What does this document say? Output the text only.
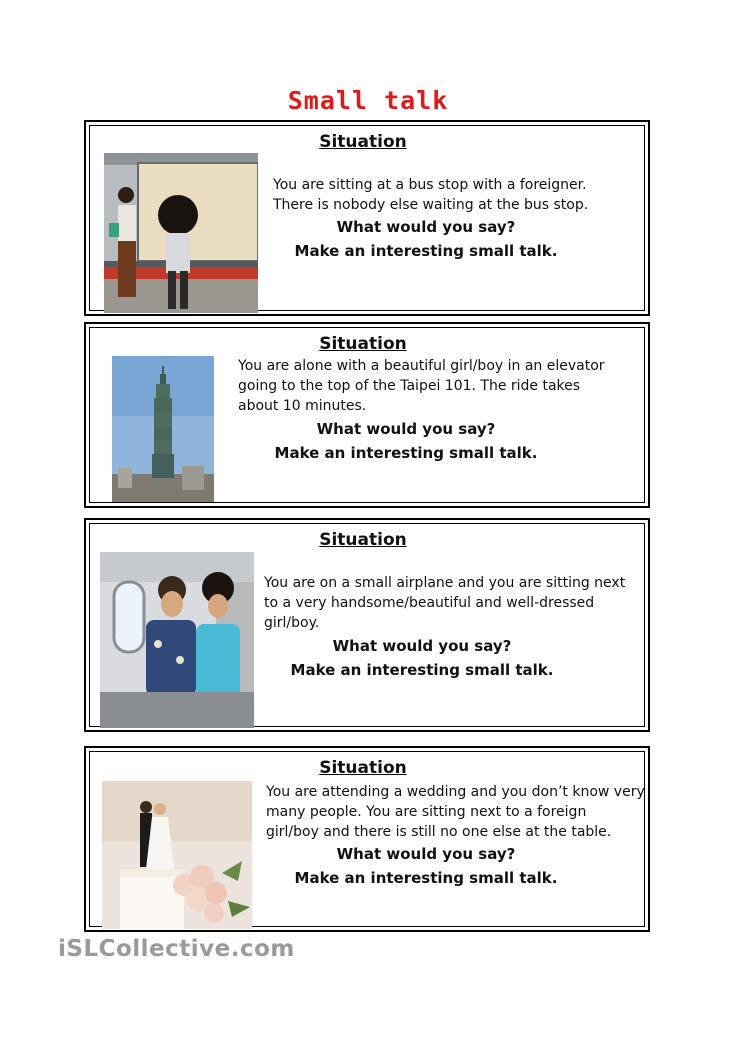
Small talk
Situation
You are sitting at a bus stop with a foreigner.
There is nobody else waiting at the bus stop.
What would you say?
Make an interesting small talk.
Situation
You are alone with a beautiful girl/boy in an elevator
going to the top of the Taipei 101. The ride takes
about 10 minutes.
What would you say?
Make an interesting small talk.
Situation
You are on a small airplane and you are sitting next
to a very handsome/beautiful and well-dressed
girl/boy.
What would you say?
Make an interesting small talk.
Situation
You are attending a wedding and you don’t know very
many people. You are sitting next to a foreign
girl/boy and there is still no one else at the table.
What would you say?
Make an interesting small talk.
iSLCollective.com
